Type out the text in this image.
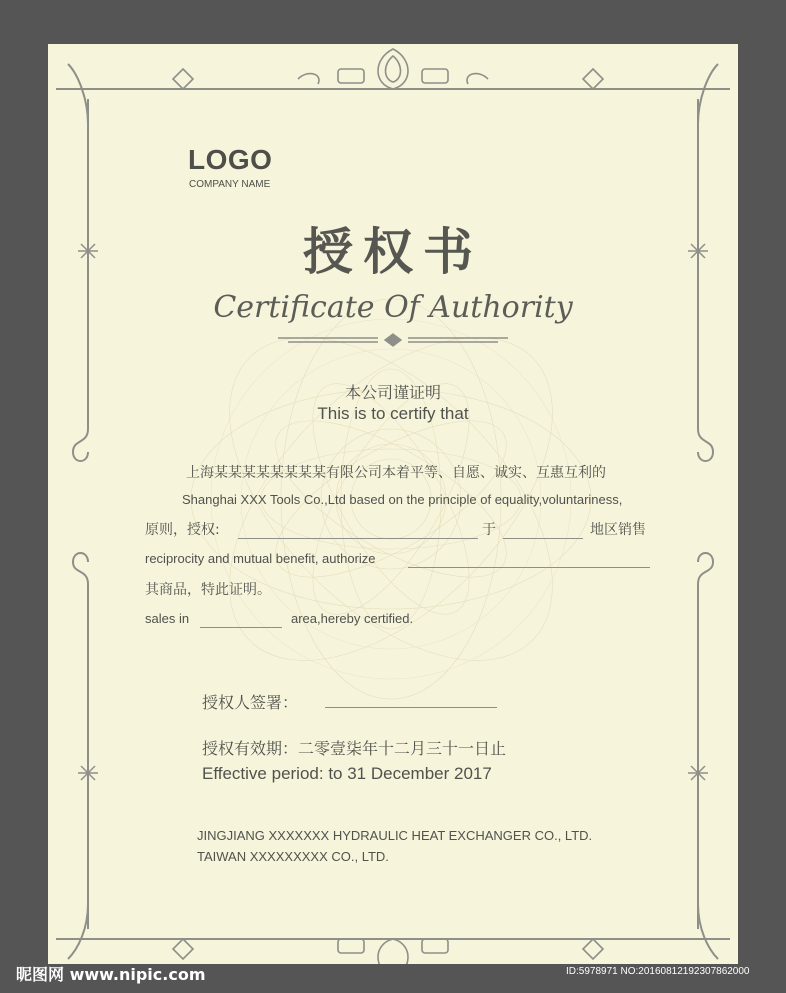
LOGO
COMPANY NAME
授权书
Certificate Of Authority
本公司谨证明
This is to certify that
上海某某某某某某某某有限公司本着平等、自愿、诚实、互惠互利的
Shanghai XXX Tools Co.,Ltd based on the principle of equality,voluntariness,
原则，授权:	于	地区销售
reciprocity and mutual benefit, authorize
其商品，特此证明。
sales in	area,hereby certified.
授权人签署：
授权有效期：二零壹柒年十二月三十一日止
Effective period: to 31 December 2017
JINGJIANG XXXXXXX HYDRAULIC HEAT EXCHANGER CO., LTD.
TAIWAN XXXXXXXXX CO., LTD.
昵图网 www.nipic.com	ID:5978971 NO:20160812192307862000
